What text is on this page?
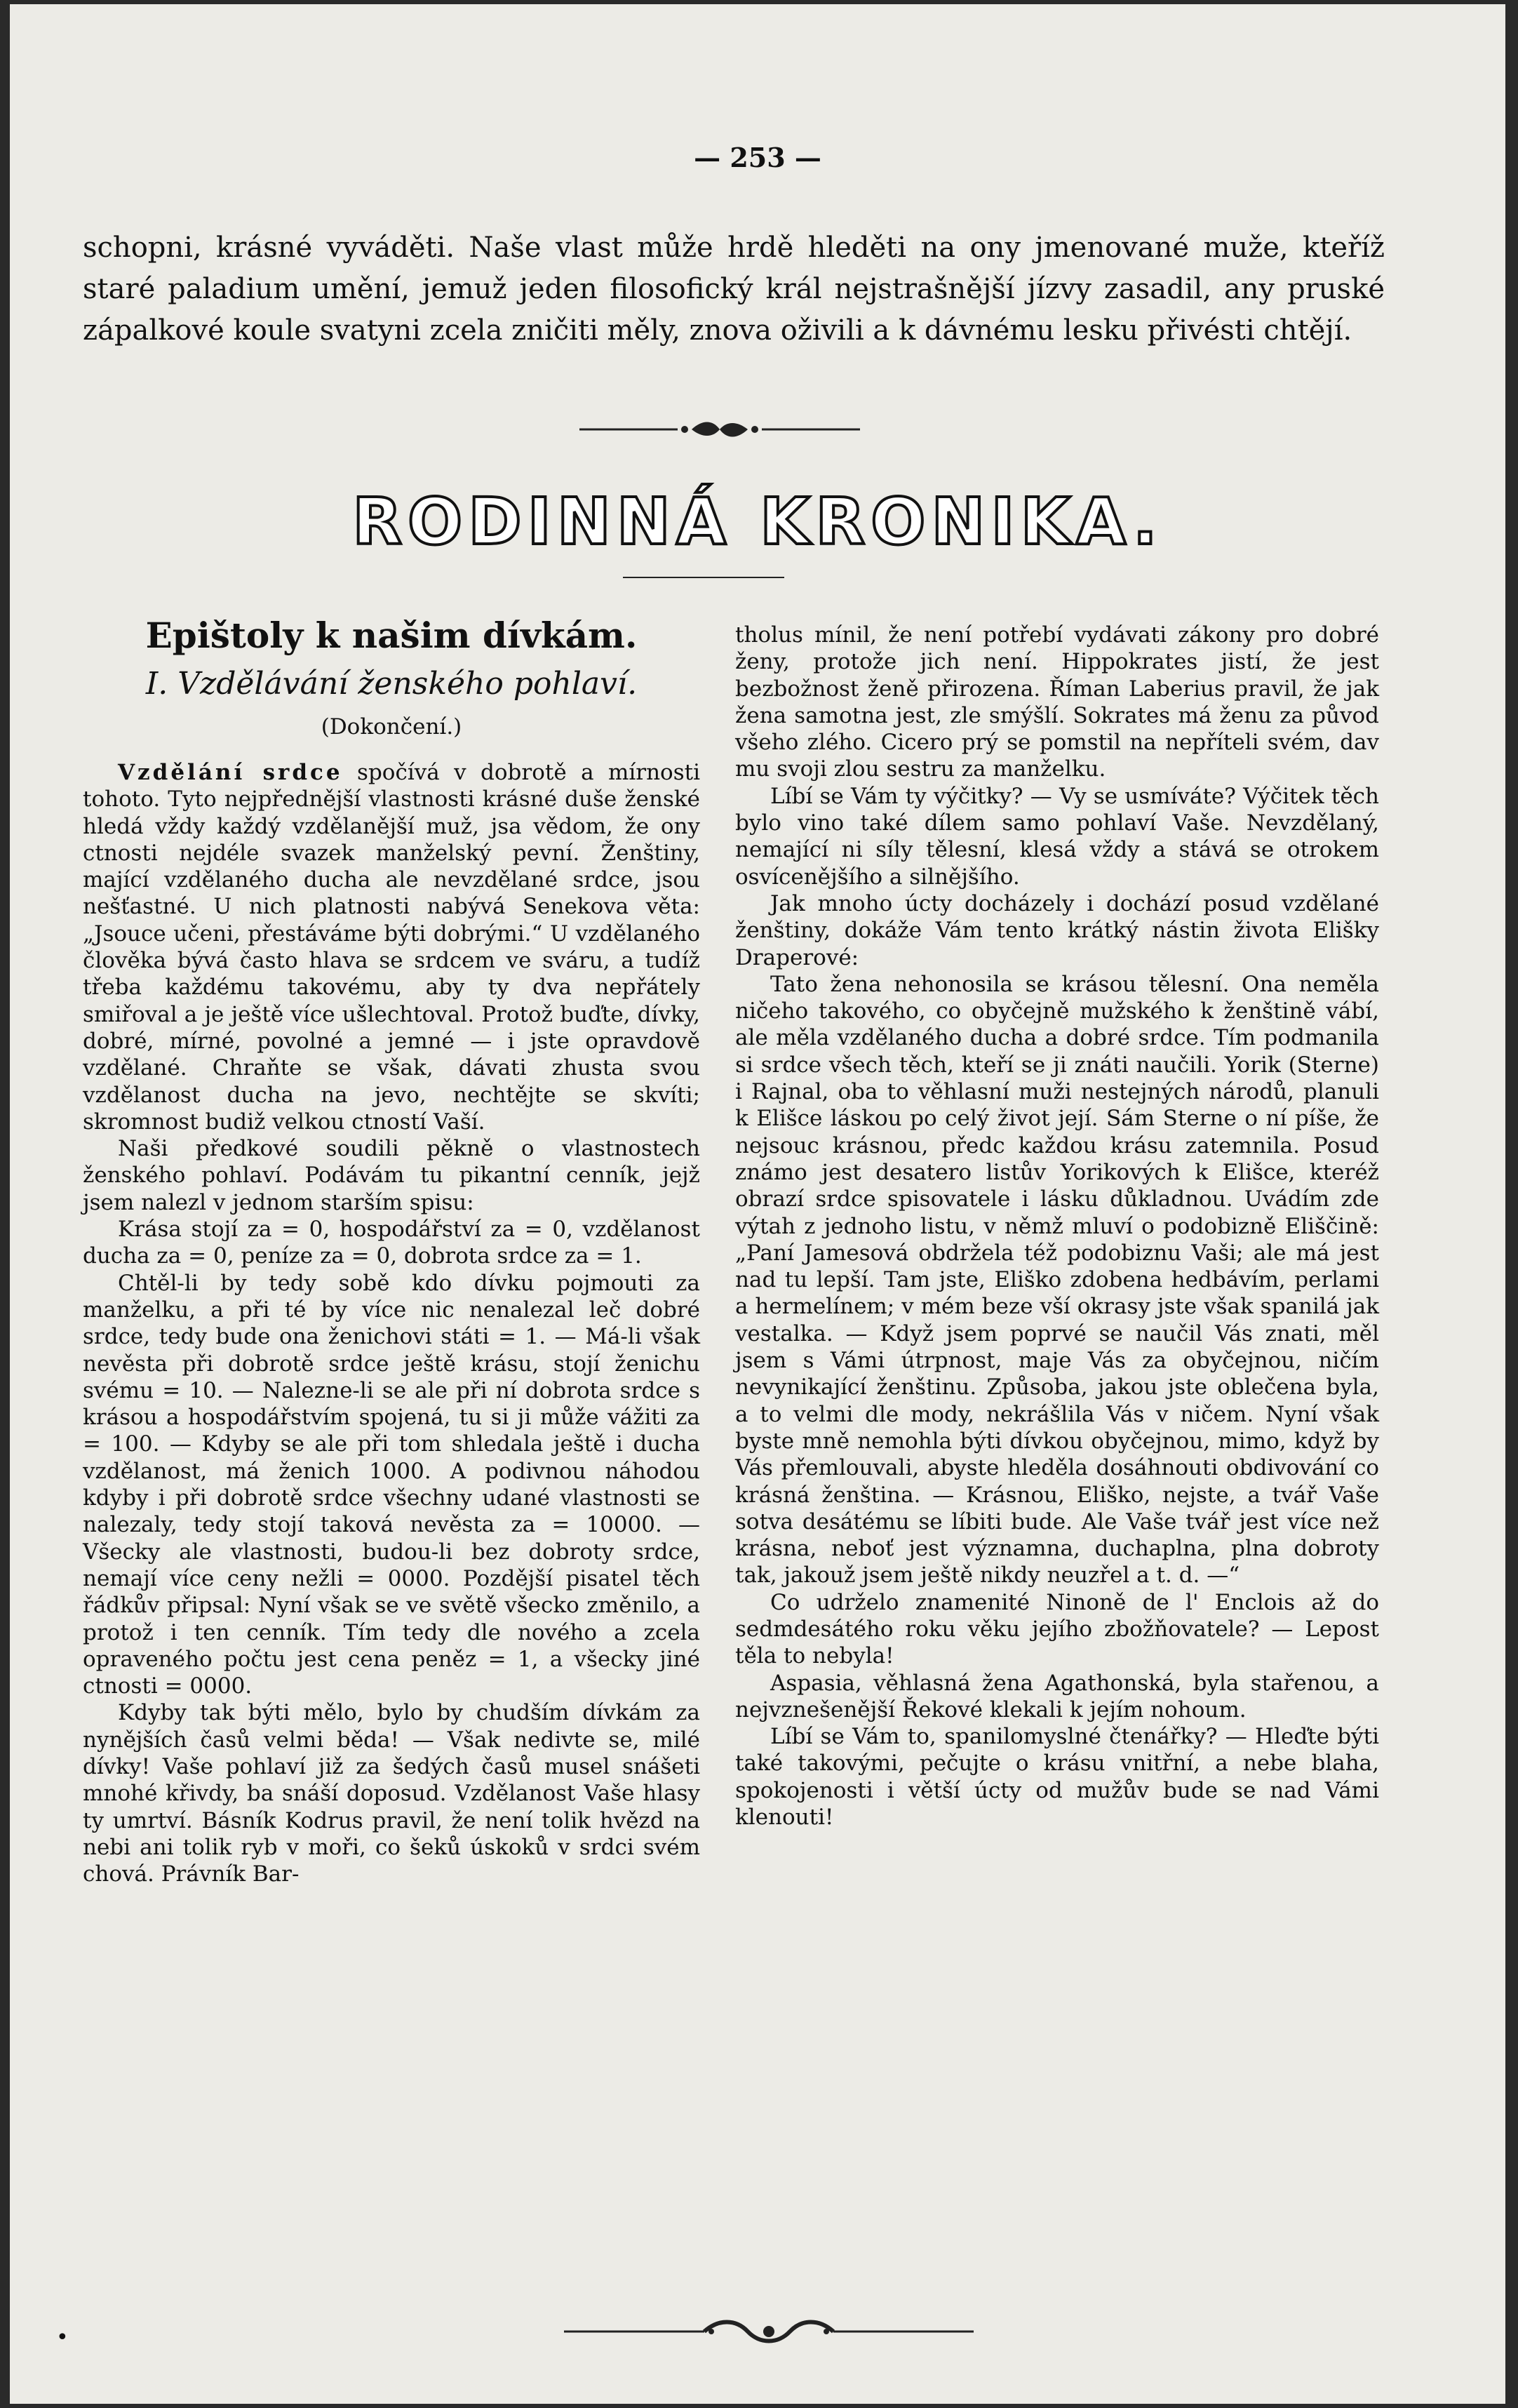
— 253 —
schopni, krásné vyváděti. Naše vlast může hrdě hleděti na ony jmenované muže, kteříž staré paladium umění, jemuž jeden filosofický král nejstrašnější jízvy zasadil, any pruské zápalkové koule svatyni zcela zničiti měly, znova oživili a k dávnému lesku přivésti chtějí.
RODINNÁ KRONIKA.
Epištoly k našim dívkám.
I. Vzdělávání ženského pohlaví.
(Dokončení.)

Vzdělání srdce spočívá v dobrotě a mírnosti tohoto. Tyto nejpřednější vlastnosti krásné duše ženské hledá vždy každý vzdělanější muž, jsa vědom, že ony ctnosti nejdéle svazek manželský pevní. Ženštiny, mající vzdělaného ducha ale nevzdělané srdce, jsou nešťastné. U nich platnosti nabývá Senekova věta: „Jsouce učeni, přestáváme býti dobrými.“ U vzdělaného člověka bývá často hlava se srdcem ve sváru, a tudíž třeba každému takovému, aby ty dva nepřátely smiřoval a je ještě více ušlechtoval. Protož buďte, dívky, dobré, mírné, povolné a jemné — i jste opravdově vzdělané. Chraňte se však, dávati zhusta svou vzdělanost ducha na jevo, nechtějte se skvíti; skromnost budiž velkou ctností Vaší.

Naši předkové soudili pěkně o vlastnostech ženského pohlaví. Podávám tu pikantní cenník, jejž jsem nalezl v jednom starším spisu:

Krása stojí za = 0, hospodářství za = 0, vzdělanost ducha za = 0, peníze za = 0, dobrota srdce za = 1.

Chtěl-li by tedy sobě kdo dívku pojmouti za manželku, a při té by více nic nenalezal leč dobré srdce, tedy bude ona ženichovi státi = 1. — Má-li však nevěsta při dobrotě srdce ještě krásu, stojí ženichu svému = 10. — Nalezne-li se ale při ní dobrota srdce s krásou a hospodářstvím spojená, tu si ji může vážiti za = 100. — Kdyby se ale při tom shledala ještě i ducha vzdělanost, má ženich 1000. A podivnou náhodou kdyby i při dobrotě srdce všechny udané vlastnosti se nalezaly, tedy stojí taková nevěsta za = 10000. — Všecky ale vlastnosti, budou-li bez dobroty srdce, nemají více ceny nežli = 0000. Pozdější pisatel těch řádkův připsal: Nyní však se ve světě všecko změnilo, a protož i ten cenník. Tím tedy dle nového a zcela opraveného počtu jest cena peněz = 1, a všecky jiné ctnosti = 0000.

Kdyby tak býti mělo, bylo by chudším dívkám za nynějších časů velmi běda! — Však nedivte se, milé dívky! Vaše pohlaví již za šedých časů musel snášeti mnohé křivdy, ba snáší doposud. Vzdělanost Vaše hlasy ty umrtví. Básník Kodrus pravil, že není tolik hvězd na nebi ani tolik ryb v moři, co šeků úskoků v srdci svém chová. Právník Bar-

tholus mínil, že není potřebí vydávati zákony pro dobré ženy, protože jich není. Hippokrates jistí, že jest bezbožnost ženě přirozena. Říman Laberius pravil, že jak žena samotna jest, zle smýšlí. Sokrates má ženu za původ všeho zlého. Cicero prý se pomstil na nepříteli svém, dav mu svoji zlou sestru za manželku.

Líbí se Vám ty výčitky? — Vy se usmíváte? Výčitek těch bylo vino také dílem samo pohlaví Vaše. Nevzdělaný, nemající ni síly tělesní, klesá vždy a stává se otrokem osvícenějšího a silnějšího.

Jak mnoho úcty docházely i dochází posud vzdělané ženštiny, dokáže Vám tento krátký nástin života Elišky Draperové:

Tato žena nehonosila se krásou tělesní. Ona neměla ničeho takového, co obyčejně mužského k ženštině vábí, ale měla vzdělaného ducha a dobré srdce. Tím podmanila si srdce všech těch, kteří se ji znáti naučili. Yorik (Sterne) i Rajnal, oba to věhlasní muži nestejných národů, planuli k Elišce láskou po celý život její. Sám Sterne o ní píše, že nejsouc krásnou, předc každou krásu zatemnila. Posud známo jest desatero listův Yorikových k Elišce, kteréž obrazí srdce spisovatele i lásku důkladnou. Uvádím zde výtah z jednoho listu, v němž mluví o podobizně Eliščině: „Paní Jamesová obdržela též podobiznu Vaši; ale má jest nad tu lepší. Tam jste, Eliško zdobena hedbávím, perlami a hermelínem; v mém beze vší okrasy jste však spanilá jak vestalka. — Když jsem poprvé se naučil Vás znati, měl jsem s Vámi útrpnost, maje Vás za obyčejnou, ničím nevynikající ženštinu. Způsoba, jakou jste oblečena byla, a to velmi dle mody, nekrášlila Vás v ničem. Nyní však byste mně nemohla býti dívkou obyčejnou, mimo, když by Vás přemlouvali, abyste hleděla dosáhnouti obdivování co krásná ženština. — Krásnou, Eliško, nejste, a tvář Vaše sotva desátému se líbiti bude. Ale Vaše tvář jest více než krásna, neboť jest významna, duchaplna, plna dobroty tak, jakouž jsem ještě nikdy neuzřel a t. d. —“

Co udrželo znamenité Ninoně de l' Enclois až do sedmdesátého roku věku jejího zbožňovatele? — Lepost těla to nebyla!

Aspasia, věhlasná žena Agathonská, byla stařenou, a nejvznešenější Řekové klekali k jejím nohoum.

Líbí se Vám to, spanilomyslné čtenářky? — Hleďte býti také takovými, pečujte o krásu vnitřní, a nebe blaha, spokojenosti i větší úcty od mužův bude se nad Vámi klenouti!

•
